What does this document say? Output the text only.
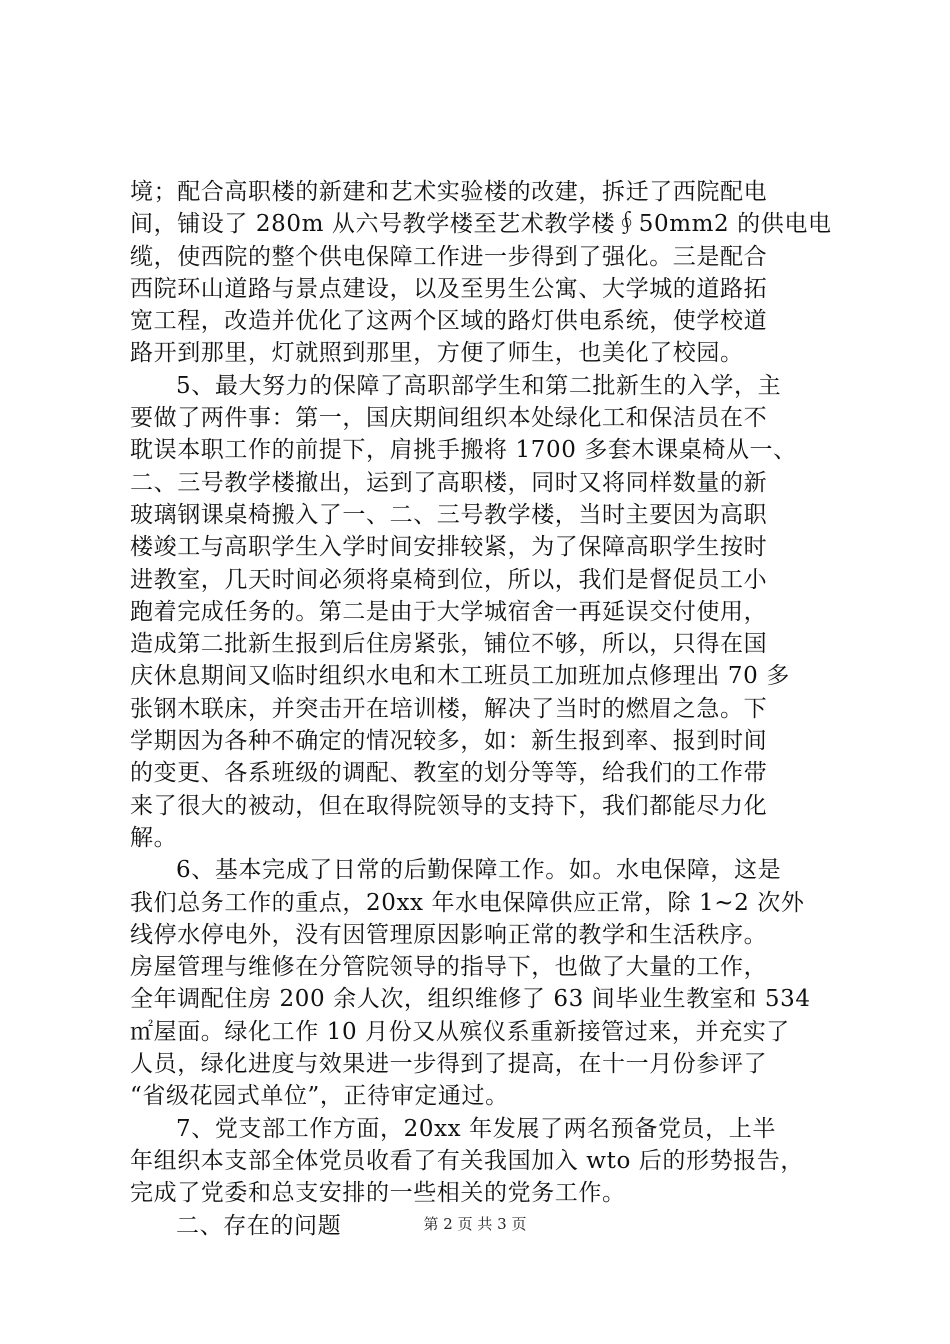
境；配合高职楼的新建和艺术实验楼的改建，拆迁了西院配电
间，铺设了 280m 从六号教学楼至艺术教学楼∮50mm2 的供电电
缆，使西院的整个供电保障工作进一步得到了强化。三是配合
西院环山道路与景点建设，以及至男生公寓、大学城的道路拓
宽工程，改造并优化了这两个区域的路灯供电系统，使学校道
路开到那里，灯就照到那里，方便了师生，也美化了校园。
5、最大努力的保障了高职部学生和第二批新生的入学，主
要做了两件事：第一，国庆期间组织本处绿化工和保洁员在不
耽误本职工作的前提下，肩挑手搬将 1700 多套木课桌椅从一、
二、三号教学楼撤出，运到了高职楼，同时又将同样数量的新
玻璃钢课桌椅搬入了一、二、三号教学楼，当时主要因为高职
楼竣工与高职学生入学时间安排较紧，为了保障高职学生按时
进教室，几天时间必须将桌椅到位，所以，我们是督促员工小
跑着完成任务的。第二是由于大学城宿舍一再延误交付使用，
造成第二批新生报到后住房紧张，铺位不够，所以，只得在国
庆休息期间又临时组织水电和木工班员工加班加点修理出 70 多
张钢木联床，并突击开在培训楼，解决了当时的燃眉之急。下
学期因为各种不确定的情况较多，如：新生报到率、报到时间
的变更、各系班级的调配、教室的划分等等，给我们的工作带
来了很大的被动，但在取得院领导的支持下，我们都能尽力化
解。
6、基本完成了日常的后勤保障工作。如。水电保障，这是
我们总务工作的重点，20xx 年水电保障供应正常，除 1~2 次外
线停水停电外，没有因管理原因影响正常的教学和生活秩序。
房屋管理与维修在分管院领导的指导下，也做了大量的工作，
全年调配住房 200 余人次，组织维修了 63 间毕业生教室和 534
㎡屋面。绿化工作 10 月份又从殡仪系重新接管过来，并充实了
人员，绿化进度与效果进一步得到了提高，在十一月份参评了
“省级花园式单位”，正待审定通过。
7、党支部工作方面，20xx 年发展了两名预备党员，上半
年组织本支部全体党员收看了有关我国加入 wto 后的形势报告，
完成了党委和总支安排的一些相关的党务工作。
二、存在的问题	第 2 页 共 3 页
